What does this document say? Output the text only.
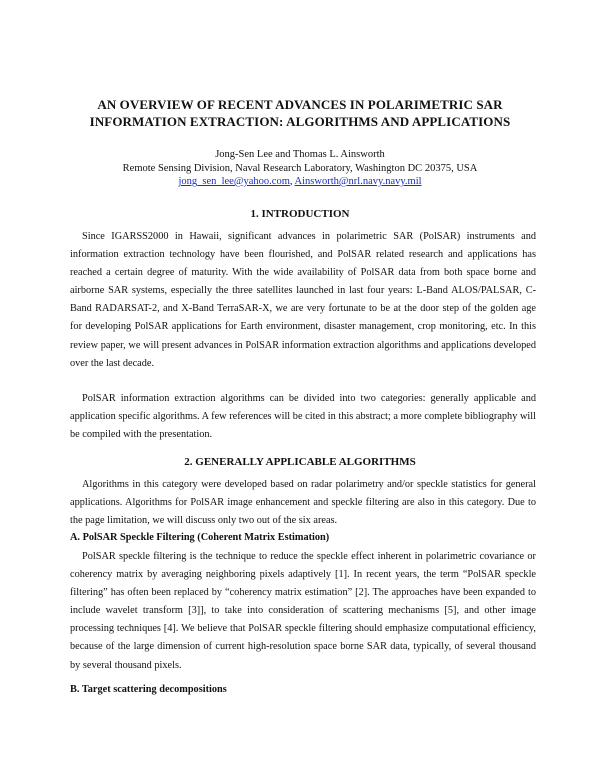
AN OVERVIEW OF RECENT ADVANCES IN POLARIMETRIC SAR
INFORMATION EXTRACTION: ALGORITHMS AND APPLICATIONS
Jong-Sen Lee and Thomas L. Ainsworth
Remote Sensing Division, Naval Research Laboratory, Washington DC 20375, USA
jong_sen_lee@yahoo.com, Ainsworth@nrl.navy.navy.mil
1. INTRODUCTION

Since IGARSS2000 in Hawaii, significant advances in polarimetric SAR (PolSAR) instruments and information extraction technology have been flourished, and PolSAR related research and applications has reached a certain degree of maturity. With the wide availability of PolSAR data from both space borne and airborne SAR systems, especially the three satellites launched in last four years: L-Band ALOS/PALSAR, C-Band RADARSAT-2, and X-Band TerraSAR-X, we are very fortunate to be at the door step of the golden age for developing PolSAR applications for Earth environment, disaster management, crop monitoring, etc. In this review paper, we will present advances in PolSAR information extraction algorithms and applications developed over the last decade.

PolSAR information extraction algorithms can be divided into two categories: generally applicable and application specific algorithms. A few references will be cited in this abstract; a more complete bibliography will be compiled with the presentation.

2. GENERALLY APPLICABLE ALGORITHMS

Algorithms in this category were developed based on radar polarimetry and/or speckle statistics for general applications. Algorithms for PolSAR image enhancement and speckle filtering are also in this category. Due to the page limitation, we will discuss only two out of the six areas.

A. PolSAR Speckle Filtering (Coherent Matrix Estimation)

PolSAR speckle filtering is the technique to reduce the speckle effect inherent in polarimetric covariance or coherency matrix by averaging neighboring pixels adaptively [1]. In recent years, the term “PolSAR speckle filtering” has often been replaced by “coherency matrix estimation” [2]. The approaches have been expanded to include wavelet transform [3]], to take into consideration of scattering mechanisms [5], and other image processing techniques [4]. We believe that PolSAR speckle filtering should emphasize computational efficiency, because of the large dimension of current high-resolution space borne SAR data, typically, of several thousand by several thousand pixels.

B. Target scattering decompositions
